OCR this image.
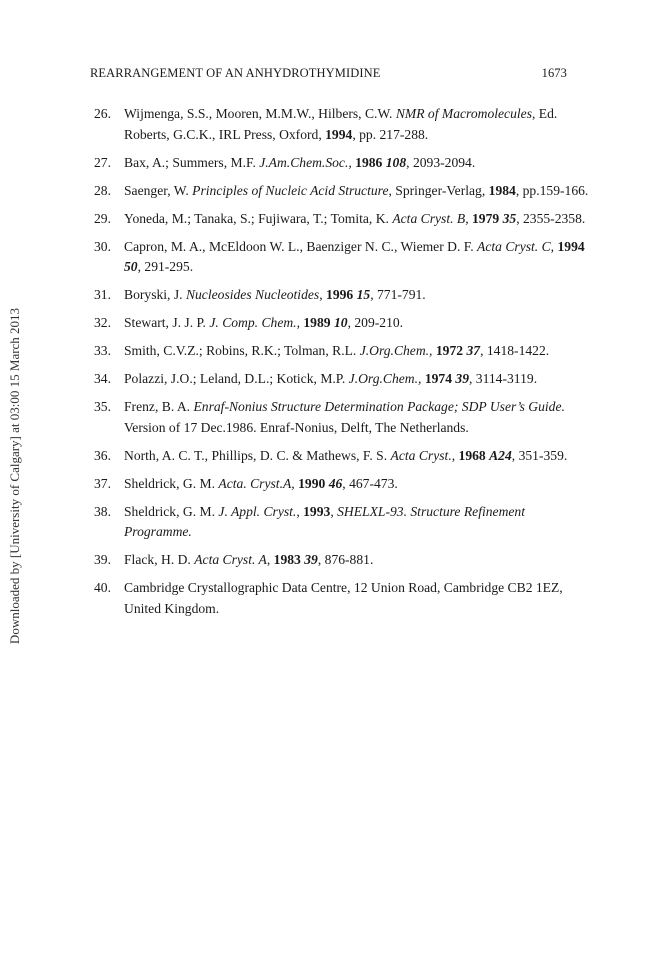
REARRANGEMENT OF AN ANHYDROTHYMIDINE	1673
Downloaded by [University of Calgary] at 03:00 15 March 2013
26. Wijmenga, S.S., Mooren, M.M.W., Hilbers, C.W. NMR of Macromolecules, Ed. Roberts, G.C.K., IRL Press, Oxford, 1994, pp. 217-288.
27. Bax, A.; Summers, M.F. J.Am.Chem.Soc., 1986 108, 2093-2094.
28. Saenger, W. Principles of Nucleic Acid Structure, Springer-Verlag, 1984, pp.159-166.
29. Yoneda, M.; Tanaka, S.; Fujiwara, T.; Tomita, K. Acta Cryst. B, 1979 35, 2355-2358.
30. Capron, M. A., McEldoon W. L., Baenziger N. C., Wiemer D. F. Acta Cryst. C, 1994 50, 291-295.
31. Boryski, J. Nucleosides Nucleotides, 1996 15, 771-791.
32. Stewart, J. J. P. J. Comp. Chem., 1989 10, 209-210.
33. Smith, C.V.Z.; Robins, R.K.; Tolman, R.L. J.Org.Chem., 1972 37, 1418-1422.
34. Polazzi, J.O.; Leland, D.L.; Kotick, M.P. J.Org.Chem., 1974 39, 3114-3119.
35. Frenz, B. A. Enraf-Nonius Structure Determination Package; SDP User’s Guide. Version of 17 Dec.1986. Enraf-Nonius, Delft, The Netherlands.
36. North, A. C. T., Phillips, D. C. & Mathews, F. S. Acta Cryst., 1968 A24, 351-359.
37. Sheldrick, G. M. Acta. Cryst.A, 1990 46, 467-473.
38. Sheldrick, G. M. J. Appl. Cryst., 1993, SHELXL-93. Structure Refinement Programme.
39. Flack, H. D. Acta Cryst. A, 1983 39, 876-881.
40. Cambridge Crystallographic Data Centre, 12 Union Road, Cambridge CB2 1EZ, United Kingdom.
